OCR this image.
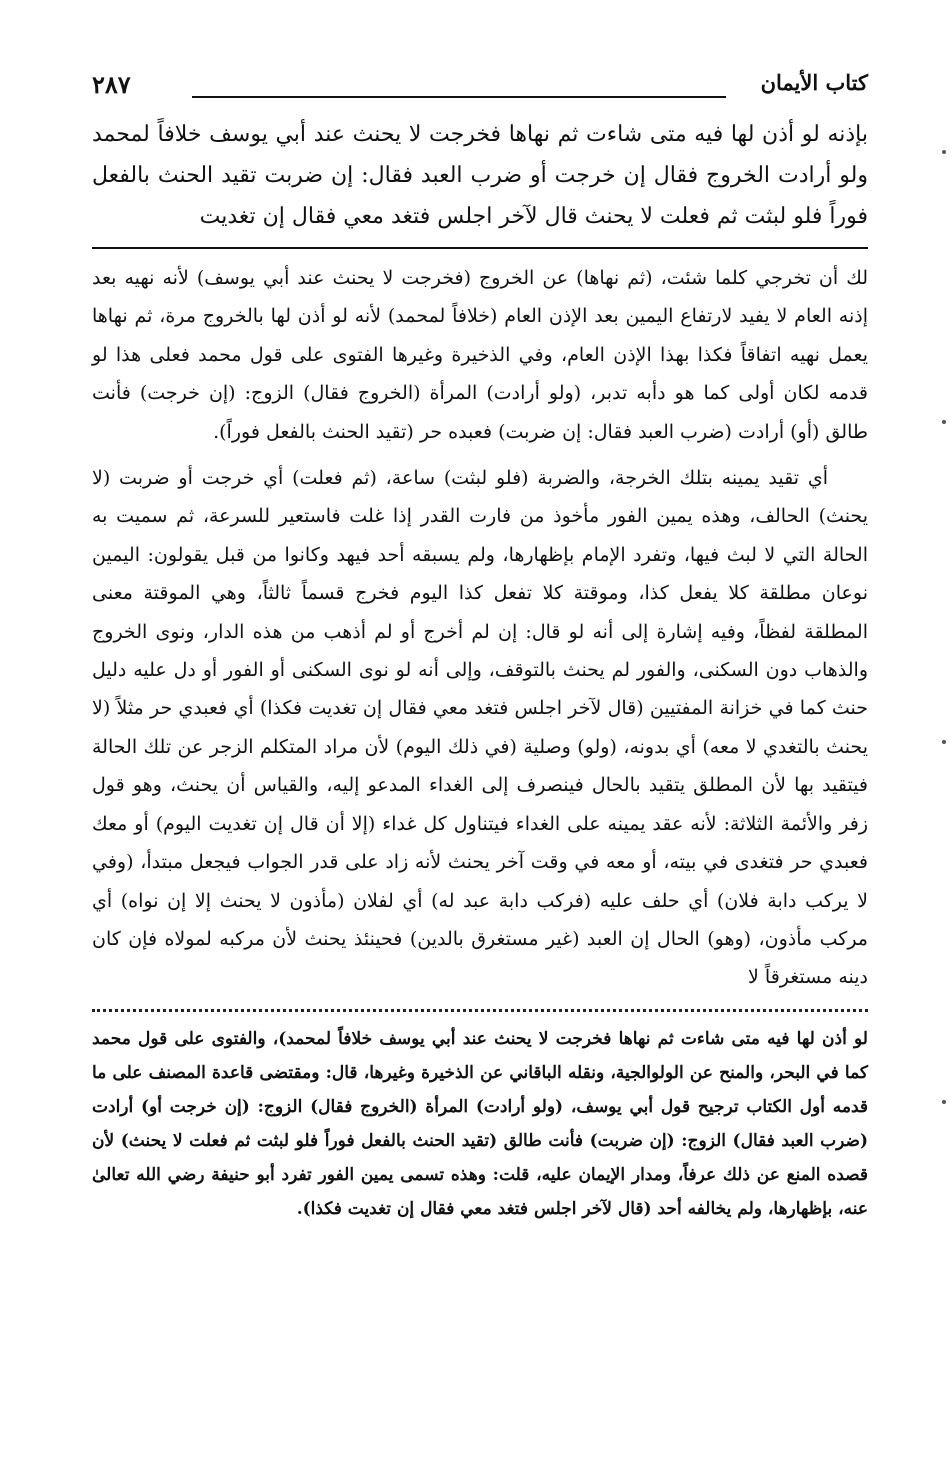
كتاب الأيمان
٢٨٧
بإذنه لو أذن لها فيه متى شاءت ثم نهاها فخرجت لا يحنث عند أبي يوسف خلافاً لمحمد ولو أرادت الخروج فقال إن خرجت أو ضرب العبد فقال: إن ضربت تقيد الحنث بالفعل فوراً فلو لبثت ثم فعلت لا يحنث قال لآخر اجلس فتغد معي فقال إن تغديت

لك أن تخرجي كلما شئت، (ثم نهاها) عن الخروج (فخرجت لا يحنث عند أبي يوسف) لأنه نهيه بعد إذنه العام لا يفيد لارتفاع اليمين بعد الإذن العام (خلافاً لمحمد) لأنه لو أذن لها بالخروج مرة، ثم نهاها يعمل نهيه اتفاقاً فكذا بهذا الإذن العام، وفي الذخيرة وغيرها الفتوى على قول محمد فعلى هذا لو قدمه لكان أولى كما هو دأبه تدبر، (ولو أرادت) المرأة (الخروج فقال) الزوج: (إن خرجت) فأنت طالق (أو) أرادت (ضرب العبد فقال: إن ضربت) فعبده حر (تقيد الحنث بالفعل فوراً).

أي تقيد يمينه بتلك الخرجة، والضربة (فلو لبثت) ساعة، (ثم فعلت) أي خرجت أو ضربت (لا يحنث) الحالف، وهذه يمين الفور مأخوذ من فارت القدر إذا غلت فاستعير للسرعة، ثم سميت به الحالة التي لا لبث فيها، وتفرد الإمام بإظهارها، ولم يسبقه أحد فيهد وكانوا من قبل يقولون: اليمين نوعان مطلقة كلا يفعل كذا، وموقتة كلا تفعل كذا اليوم فخرج قسماً ثالثاً، وهي الموقتة معنى المطلقة لفظاً، وفيه إشارة إلى أنه لو قال: إن لم أخرج أو لم أذهب من هذه الدار، ونوى الخروج والذهاب دون السكنى، والفور لم يحنث بالتوقف، وإلى أنه لو نوى السكنى أو الفور أو دل عليه دليل حنث كما في خزانة المفتيين (قال لآخر اجلس فتغد معي فقال إن تغديت فكذا) أي فعبدي حر مثلاً (لا يحنث بالتغدي لا معه) أي بدونه، (ولو) وصلية (في ذلك اليوم) لأن مراد المتكلم الزجر عن تلك الحالة فيتقيد بها لأن المطلق يتقيد بالحال فينصرف إلى الغداء المدعو إليه، والقياس أن يحنث، وهو قول زفر والأئمة الثلاثة: لأنه عقد يمينه على الغداء فيتناول كل غداء (إلا أن قال إن تغديت اليوم) أو معك فعبدي حر فتغدى في بيته، أو معه في وقت آخر يحنث لأنه زاد على قدر الجواب فيجعل مبتدأ، (وفي لا يركب دابة فلان) أي حلف عليه (فركب دابة عبد له) أي لفلان (مأذون لا يحنث إلا إن نواه) أي مركب مأذون، (وهو) الحال إن العبد (غير مستغرق بالدين) فحينئذ يحنث لأن مركبه لمولاه فإن كان دينه مستغرقاً لا

لو أذن لها فيه متى شاءت ثم نهاها فخرجت لا يحنث عند أبي يوسف خلافاً لمحمد)، والفتوى على قول محمد كما في البحر، والمنح عن الولوالجية، ونقله الباقاني عن الذخيرة وغيرها، قال: ومقتضى قاعدة المصنف على ما قدمه أول الكتاب ترجيح قول أبي يوسف، (ولو أرادت) المرأة (الخروج فقال) الزوج: (إن خرجت أو) أرادت (ضرب العبد فقال) الزوج: (إن ضربت) فأنت طالق (تقيد الحنث بالفعل فوراً فلو لبثت ثم فعلت لا يحنث) لأن قصده المنع عن ذلك عرفاً، ومدار الإيمان عليه، قلت: وهذه تسمى يمين الفور تفرد أبو حنيفة رضي الله تعالىٰ عنه، بإظهارها، ولم يخالفه أحد (قال لآخر اجلس فتغد معي فقال إن تغديت فكذا).
